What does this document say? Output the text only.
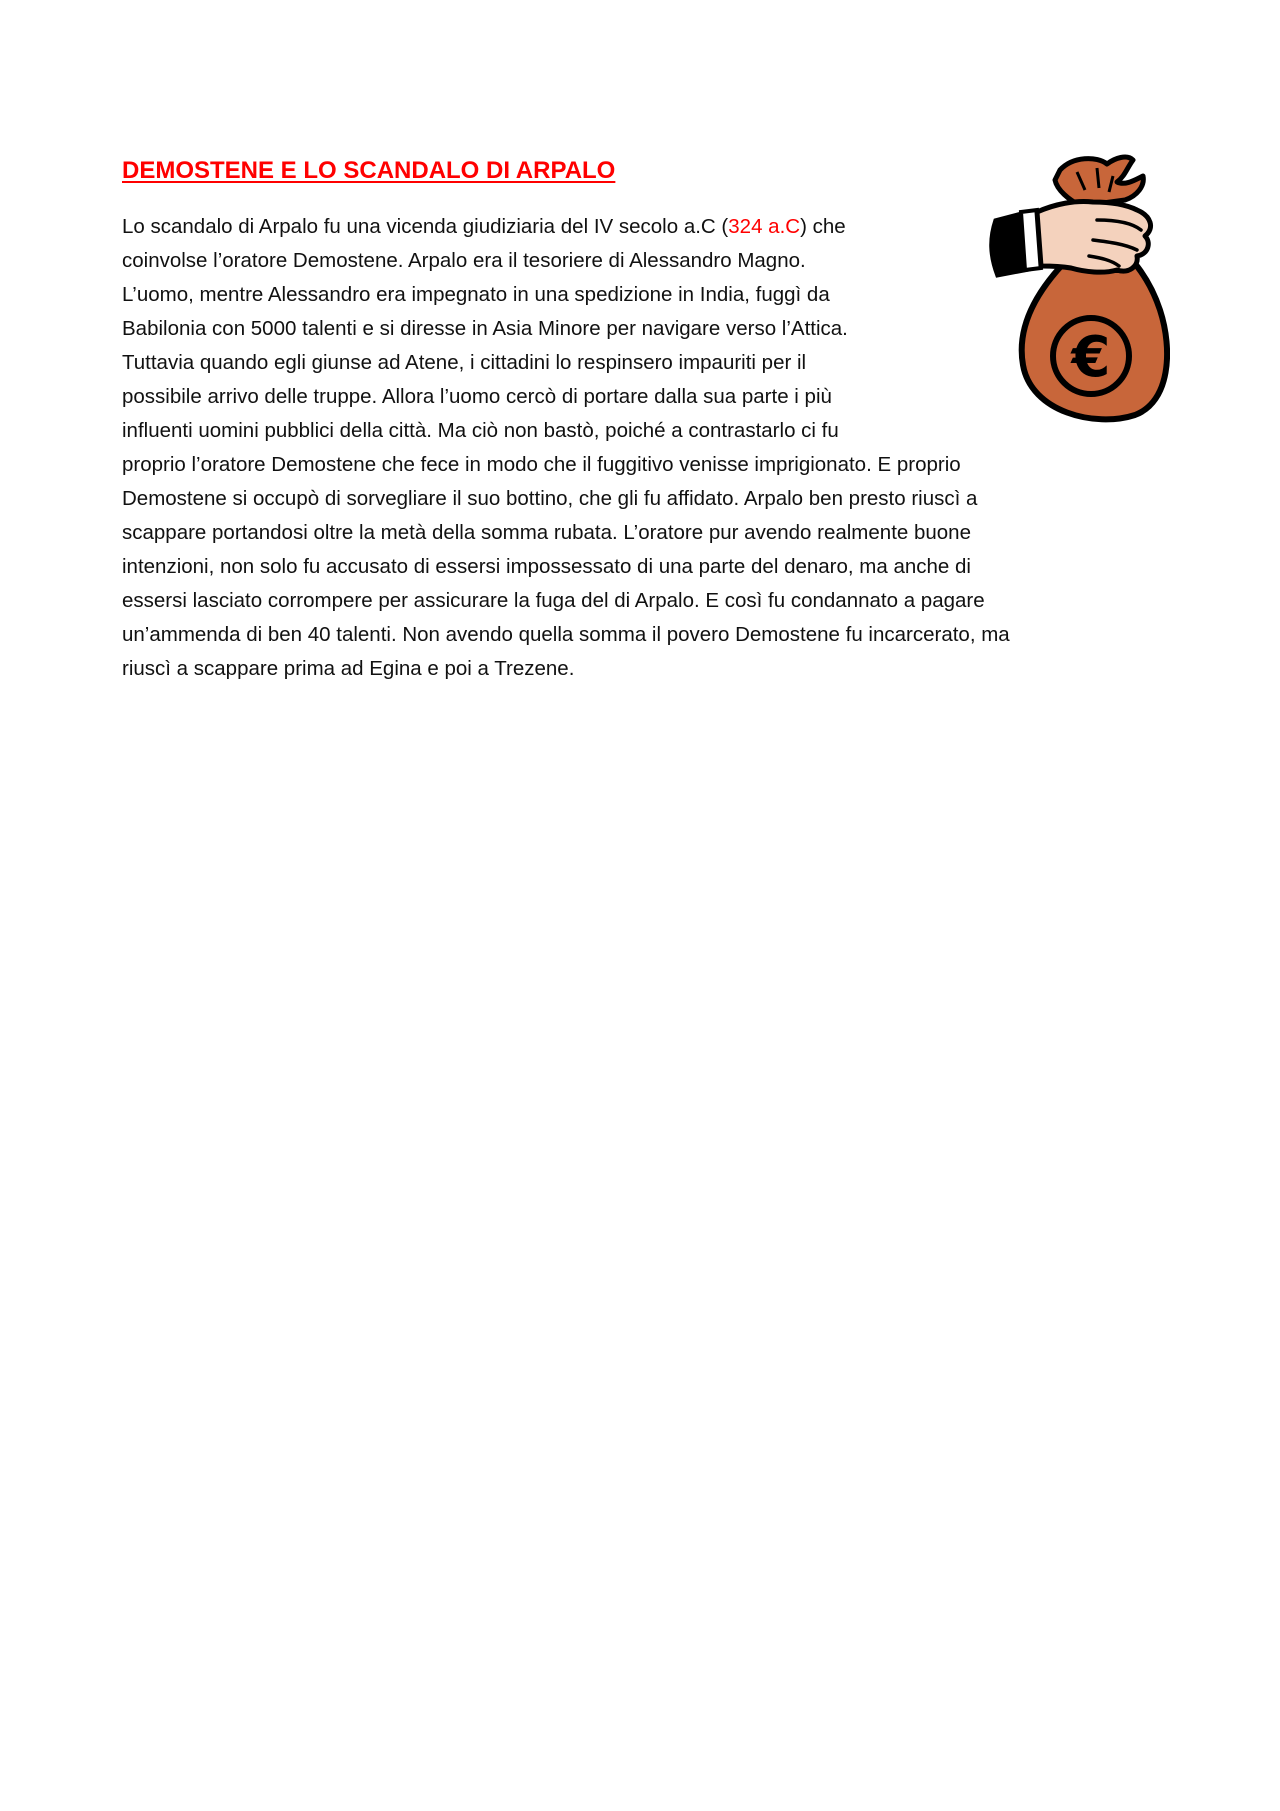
DEMOSTENE E LO SCANDALO DI ARPALO
€

Lo scandalo di Arpalo fu una vicenda giudiziaria del IV secolo a.C (324 a.C) che
coinvolse l’oratore Demostene. Arpalo era il tesoriere di Alessandro Magno.
L’uomo, mentre Alessandro era impegnato in una spedizione in India, fuggì da
Babilonia con 5000 talenti e si diresse in Asia Minore per navigare verso l’Attica.
Tuttavia quando egli giunse ad Atene, i cittadini lo respinsero impauriti per il
possibile arrivo delle truppe. Allora l’uomo cercò di portare dalla sua parte i più
influenti uomini pubblici della città. Ma ciò non bastò, poiché a contrastarlo ci fu
proprio l’oratore Demostene che fece in modo che il fuggitivo venisse imprigionato. E proprio
Demostene si occupò di sorvegliare il suo bottino, che gli fu affidato. Arpalo ben presto riuscì a
scappare portandosi oltre la metà della somma rubata. L’oratore pur avendo realmente buone
intenzioni, non solo fu accusato di essersi impossessato di una parte del denaro, ma anche di
essersi lasciato corrompere per assicurare la fuga del di Arpalo. E così fu condannato a pagare
un’ammenda di ben 40 talenti. Non avendo quella somma il povero Demostene fu incarcerato, ma
riuscì a scappare prima ad Egina e poi a Trezene.
